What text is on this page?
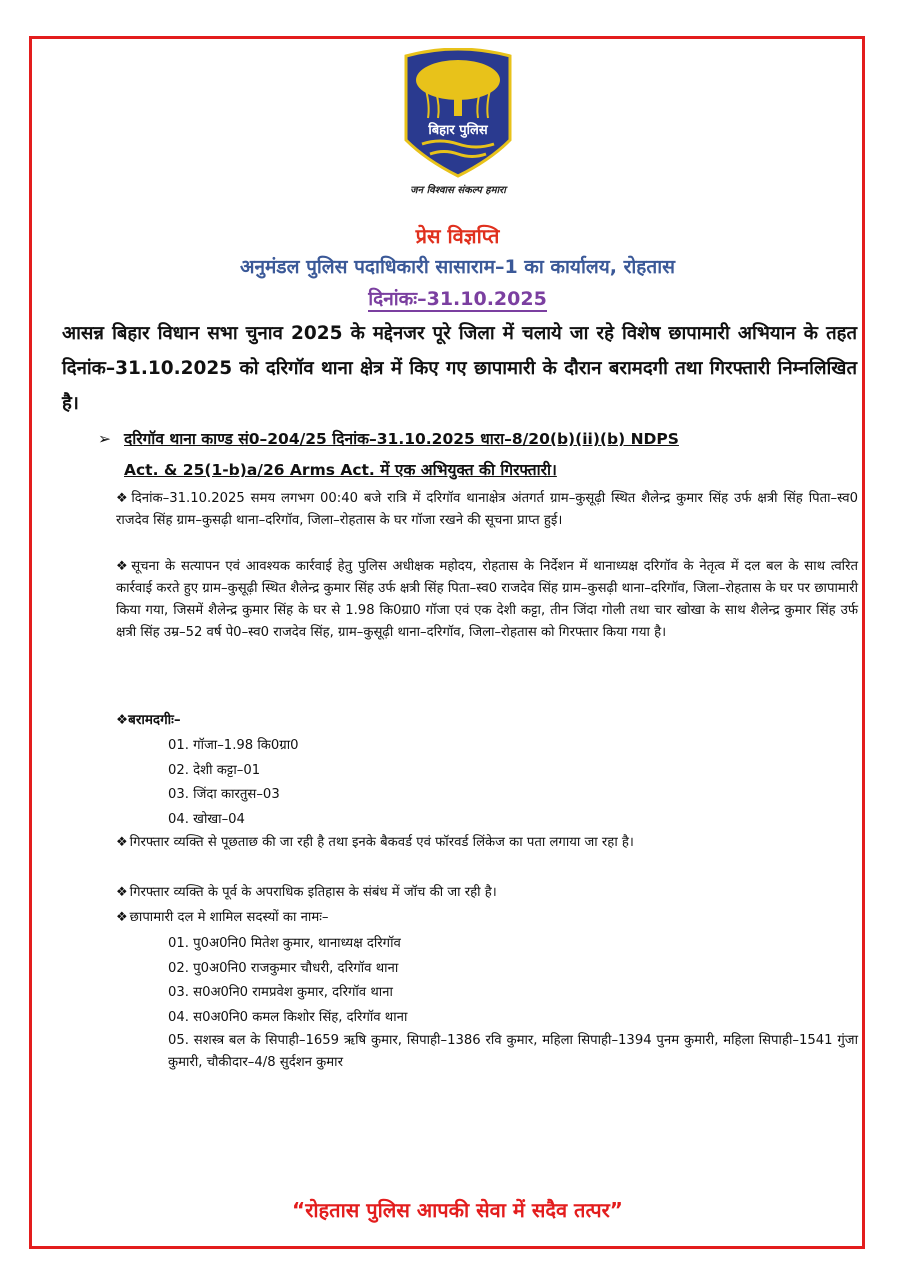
बिहार पुलिस
जन विश्वास संकल्प हमारा
प्रेस विज्ञप्ति
अनुमंडल पुलिस पदाधिकारी सासाराम–1 का कार्यालय, रोहतास
दिनांकः–31.10.2025
आसन्न बिहार विधान सभा चुनाव 2025 के मद्देनजर पूरे जिला में चलाये जा रहे विशेष छापामारी अभियान के तहत दिनांक–31.10.2025 को दरिगॉव थाना क्षेत्र में किए गए छापामारी के दौरान बरामदगी तथा गिरफ्तारी निम्नलिखित है।
➢ दरिगॉव थाना काण्ड सं0–204/25 दिनांक–31.10.2025 धारा–8/20(b)(ii)(b) NDPS
Act. & 25(1-b)a/26 Arms Act. में एक अभियुक्त की गिरफ्तारी।
❖ दिनांक–31.10.2025 समय लगभग 00:40 बजे रात्रि में दरिगॉव थानाक्षेत्र अंतगर्त ग्राम–कुसूढ़ी स्थित शैलेन्द्र कुमार सिंह उर्फ क्षत्री सिंह पिता–स्व0 राजदेव सिंह ग्राम–कुसढ़ी थाना–दरिगॉव, जिला–रोहतास के घर गॉजा रखने की सूचना प्राप्त हुई।
❖ सूचना के सत्यापन एवं आवश्यक कार्रवाई हेतु पुलिस अधीक्षक महोदय, रोहतास के निर्देशन में थानाध्यक्ष दरिगॉव के नेतृत्व में दल बल के साथ त्वरित कार्रवाई करते हुए ग्राम–कुसूढ़ी स्थित शैलेन्द्र कुमार सिंह उर्फ क्षत्री सिंह पिता–स्व0 राजदेव सिंह ग्राम–कुसढ़ी थाना–दरिगॉव, जिला–रोहतास के घर पर छापामारी किया गया, जिसमें शैलेन्द्र कुमार सिंह के घर से 1.98 कि0ग्रा0 गॉजा एवं एक देशी कट्टा, तीन जिंदा गोली तथा चार खोखा के साथ शैलेन्द्र कुमार सिंह उर्फ क्षत्री सिंह उम्र–52 वर्ष पे0–स्व0 राजदेव सिंह, ग्राम–कुसूढ़ी थाना–दरिगॉव, जिला–रोहतास को गिरफ्तार किया गया है।
❖बरामदगीः–
01. गॉजा–1.98 कि0ग्रा0
02. देशी कट्टा–01
03. जिंदा कारतुस–03
04. खोखा–04
❖ गिरफ्तार व्यक्ति से पूछताछ की जा रही है तथा इनके बैकवर्ड एवं फॉरवर्ड लिंकेज का पता लगाया जा रहा है।
❖ गिरफ्तार व्यक्ति के पूर्व के अपराधिक इतिहास के संबंध में जॉच की जा रही है।
❖ छापामारी दल मे शामिल सदस्यों का नामः–
01. पु0अ0नि0 मितेश कुमार, थानाध्यक्ष दरिगॉव
02. पु0अ0नि0 राजकुमार चौधरी, दरिगॉव थाना
03. स0अ0नि0 रामप्रवेश कुमार, दरिगॉव थाना
04. स0अ0नि0 कमल किशोर सिंह, दरिगॉव थाना
05. सशस्त्र बल के सिपाही–1659 ऋषि कुमार, सिपाही–1386 रवि कुमार, महिला सिपाही–1394 पुनम कुमारी, महिला सिपाही–1541 गुंजा कुमारी, चौकीदार–4/8 सुर्दशन कुमार
“रोहतास पुलिस आपकी सेवा में सदैव तत्पर”
